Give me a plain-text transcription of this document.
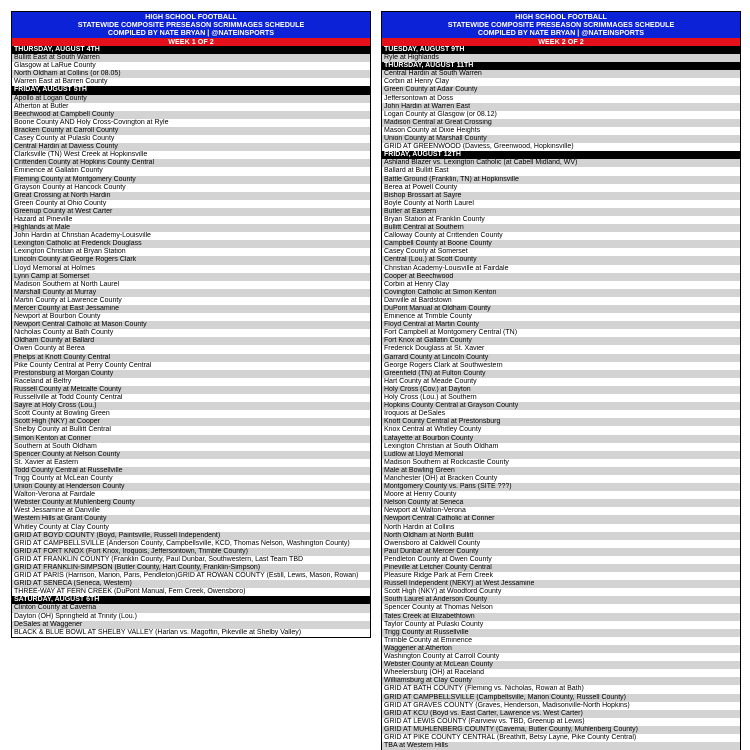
HIGH SCHOOL FOOTBALL
STATEWIDE COMPOSITE PRESEASON SCRIMMAGES SCHEDULE
COMPILED BY NATE BRYAN | @NATEINSPORTS
WEEK 1 OF 2
THURSDAY, AUGUST 4TH
Bullitt East at South Warren
Glasgow at LaRue County
North Oldham at Collins (or 08.05)
Warren East at Barren County
FRIDAY, AUGUST 5TH
Apollo at Logan County
Atherton at Butler
Beechwood at Campbell County
Boone County AND Holy Cross-Covington at Ryle
Bracken County at Carroll County
Casey County at Pulaski County
Central Hardin at Daviess County
Clarksville (TN) West Creek at Hopkinsville
Crittenden County at Hopkins County Central
Eminence at Gallatin County
Fleming County at Montgomery County
Grayson County at Hancock County
Great Crossing at North Hardin
Green County at Ohio County
Greenup County at West Carter
Hazard at Pineville
Highlands at Male
John Hardin at Christian Academy-Louisville
Lexington Catholic at Frederick Douglass
Lexington Christian at Bryan Station
Lincoln County at George Rogers Clark
Lloyd Memorial at Holmes
Lynn Camp at Somerset
Madison Southern at North Laurel
Marshall County at Murray
Martin County at Lawrence County
Mercer County at East Jessamine
Newport at Bourbon County
Newport Central Catholic at Mason County
Nicholas County at Bath County
Oldham County at Ballard
Owen County at Berea
Phelps at Knott County Central
Pike County Central at Perry County Central
Prestonsburg at Morgan County
Raceland at Belfry
Russell County at Metcalfe County
Russellville at Todd County Central
Sayre at Holy Cross (Lou.)
Scott County at Bowling Green
Scott High (NKY) at Cooper
Shelby County at Bullitt Central
Simon Kenton at Conner
Southern at South Oldham
Spencer County at Nelson County
St. Xavier at Eastern
Todd County Central at Russellville
Trigg County at McLean County
Union County at Henderson County
Walton-Verona at Fairdale
Webster County at Muhlenberg County
West Jessamine at Danville
Western Hills at Grant County
Whitley County at Clay County
GRID AT BOYD COUNTY (Boyd, Paintsville, Russell Independent)
GRID AT CAMPBELLSVILLE (Anderson County, Campbellsville, KCD, Thomas Nelson, Washington County)
GRID AT FORT KNOX (Fort Knox, Iroquois, Jeffersontown, Trimble County)
GRID AT FRANKLIN COUNTY (Franklin County, Paul Dunbar, Southwestern, Last Team TBD
GRID AT FRANKLIN-SIMPSON (Butler County, Hart County, Franklin-Simpson)
GRID AT PARIS (Harrison, Marion, Paris, Pendleton)GRID AT ROWAN COUNTY (Estill, Lewis, Mason, Rowan)
GRID AT SENECA (Seneca, Western)
THREE-WAY AT FERN CREEK (DuPont Manual, Fern Creek, Owensboro)
SATURDAY, AUGUST 6TH
Clinton County at Caverna
Dayton (OH) Springfield at Trinity (Lou.)
DeSales at Waggener
BLACK & BLUE BOWL AT SHELBY VALLEY (Harlan vs. Magoffin, Pikeville at Shelby Valley)
HIGH SCHOOL FOOTBALL
STATEWIDE COMPOSITE PRESEASON SCRIMMAGES SCHEDULE
COMPILED BY NATE BRYAN | @NATEINSPORTS
WEEK 2 OF 2
TUESDAY, AUGUST 9TH
Ryle at Highlands
THURSDAY, AUGUST 11TH
Central Hardin at South Warren
Corbin at Henry Clay
Green County at Adair County
Jeffersontown at Doss
John Hardin at Warren East
Logan County at Glasgow (or 08.12)
Madison Central at Great Crossing
Mason County at Dixie Heights
Union County at Marshall County
GRID AT GREENWOOD (Daviess, Greenwood, Hopkinsville)
FRIDAY, AUGUST 12TH
Ashland Blazer vs. Lexington Catholic (at Cabell Midland, WV)
Ballard at Bullitt East
Battle Ground (Franklin, TN) at Hopkinsville
Berea at Powell County
Bishop Brossart at Sayre
Boyle County at North Laurel
Butler at Eastern
Bryan Station at Franklin County
Bullitt Central at Southern
Calloway County at Crittenden County
Campbell County at Boone County
Casey County at Somerset
Central (Lou.) at Scott County
Christian Academy-Louisville at Fairdale
Cooper at Beechwood
Corbin at Henry Clay
Covington Catholic at Simon Kenton
Danville at Bardstown
DuPont Manual at Oldham County
Eminence at Trimble County
Floyd Central at Martin County
Fort Campbell at Montgomery Central (TN)
Fort Knox at Gallatin County
Frederick Douglass at St. Xavier
Garrard County at Lincoln County
George Rogers Clark at Southwestern
Greenfield (TN) at Fulton County
Hart County at Meade County
Holy Cross (Cov.) at Dayton
Holy Cross (Lou.) at Southern
Hopkins County Central at Grayson County
Iroquois at DeSales
Knott County Central at Prestonsburg
Knox Central at Whitley County
Lafayette at Bourbon County
Lexington Christian at South Oldham
Ludlow at Lloyd Memorial
Madison Southern at Rockcastle County
Male at Bowling Green
Manchester (OH) at Bracken County
Montgomery County vs. Paris (SITE ???)
Moore at Henry County
Nelson County at Seneca
Newport at Walton-Verona
Newport Central Catholic at Conner
North Hardin at Collins
North Oldham at North Bullitt
Owensboro at Caldwell County
Paul Dunbar at Mercer County
Pendleton County at Owen County
Pineville at Letcher County Central
Pleasure Ridge Park at Fern Creek
Russell Independent (NEKY) at West Jessamine
Scott High (NKY) at Woodford County
South Laurel at Anderson County
Spencer County at Thomas Nelson
Tates Creek at Elizabethtown
Taylor County at Pulaski County
Trigg County at Russellville
Trimble County at Eminence
Waggener at Atherton
Washington County at Carroll County
Webster County at McLean County
Wheelersburg (OH) at Raceland
Williamsburg at Clay County
GRID AT BATH COUNTY (Fleming vs. Nicholas, Rowan at Bath)
GRID AT CAMPBELLSVILLE (Campbellsville, Marion County, Russell County)
GRID AT GRAVES COUNTY (Graves, Henderson, Madisonville-North Hopkins)
GRID AT KCU (Boyd vs. East Carter, Lawrence vs. West Carter)
GRID AT LEWIS COUNTY (Fairview vs. TBD, Greenup at Lewis)
GRID AT MUHLENBERG COUNTY (Caverna, Butler County, Muhlenberg County)
GRID AT PIKE COUNTY CENTRAL (Breathitt, Betsy Layne, Pike County Central)
TBA at Western Hills
